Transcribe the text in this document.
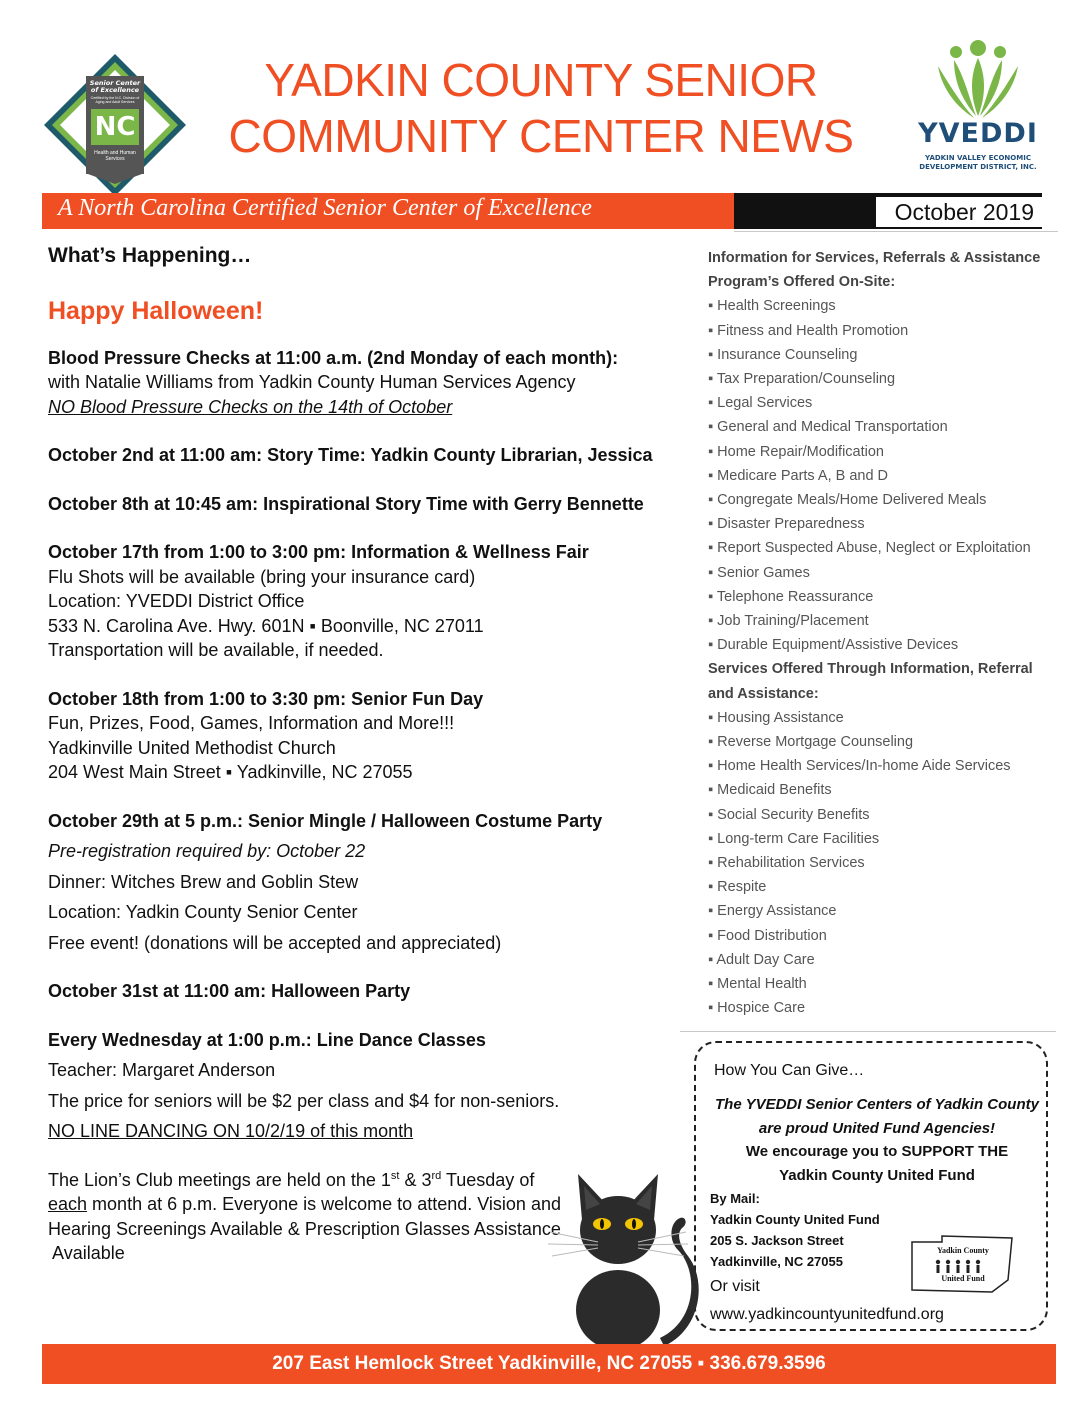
Senior Center
of Excellence
Certified by the N.C. Division of Aging and Adult Services
NC
Health and Human Services
YADKIN COUNTY SENIOR
COMMUNITY CENTER NEWS	YVEDDI
YADKIN VALLEY ECONOMIC DEVELOPMENT DISTRICT, INC.
A North Carolina Certified Senior Center of Excellence	October 2019

What’s Happening…

Happy Halloween!

Blood Pressure Checks at 11:00 a.m. (2nd Monday of each month):

with Natalie Williams from Yadkin County Human Services Agency

NO Blood Pressure Checks on the 14th of October

October 2nd at 11:00 am: Story Time: Yadkin County Librarian, Jessica

October 8th at 10:45 am: Inspirational Story Time with Gerry Bennette

October 17th from 1:00 to 3:00 pm: Information & Wellness Fair

Flu Shots will be available (bring your insurance card)

Location: YVEDDI District Office

533 N. Carolina Ave. Hwy. 601N ▪ Boonville, NC 27011

Transportation will be available, if needed.

October 18th from 1:00 to 3:30 pm: Senior Fun Day

Fun, Prizes, Food, Games, Information and More!!!

Yadkinville United Methodist Church

204 West Main Street ▪ Yadkinville, NC 27055

October 29th at 5 p.m.: Senior Mingle / Halloween Costume Party

Pre-registration required by: October 22

Dinner: Witches Brew and Goblin Stew

Location: Yadkin County Senior Center

Free event! (donations will be accepted and appreciated)

October 31st at 11:00 am: Halloween Party

Every Wednesday at 1:00 p.m.: Line Dance Classes

Teacher: Margaret Anderson

The price for seniors will be $2 per class and $4 for non-seniors.

NO LINE DANCING ON 10/2/19 of this month

The Lion’s Club meetings are held on the 1st & 3rd Tuesday of

each month at 6 p.m. Everyone is welcome to attend. Vision and

Hearing Screenings Available & Prescription Glasses Assistance

Available

Information for Services, Referrals & Assistance
Program’s Offered On-Site:
▪ Health Screenings
▪ Fitness and Health Promotion
▪ Insurance Counseling
▪ Tax Preparation/Counseling
▪ Legal Services
▪ General and Medical Transportation
▪ Home Repair/Modification
▪ Medicare Parts A, B and D
▪ Congregate Meals/Home Delivered Meals
▪ Disaster Preparedness
▪ Report Suspected Abuse, Neglect or Exploitation
▪ Senior Games
▪ Telephone Reassurance
▪ Job Training/Placement
▪ Durable Equipment/Assistive Devices
Services Offered Through Information, Referral
and Assistance:
▪ Housing Assistance
▪ Reverse Mortgage Counseling
▪ Home Health Services/In-home Aide Services
▪ Medicaid Benefits
▪ Social Security Benefits
▪ Long-term Care Facilities
▪ Rehabilitation Services
▪ Respite
▪ Energy Assistance
▪ Food Distribution
▪ Adult Day Care
▪ Mental Health
▪ Hospice Care
How You Can Give…
The YVEDDI Senior Centers of Yadkin County
are proud United Fund Agencies!
We encourage you to SUPPORT THE
Yadkin County United Fund
By Mail:
Yadkin County United Fund
205 S. Jackson Street
Yadkinville, NC 27055
Or visit
www.yadkincountyunitedfund.org
Yadkin County
United Fund
207 East Hemlock Street Yadkinville, NC 27055 ▪ 336.679.3596
